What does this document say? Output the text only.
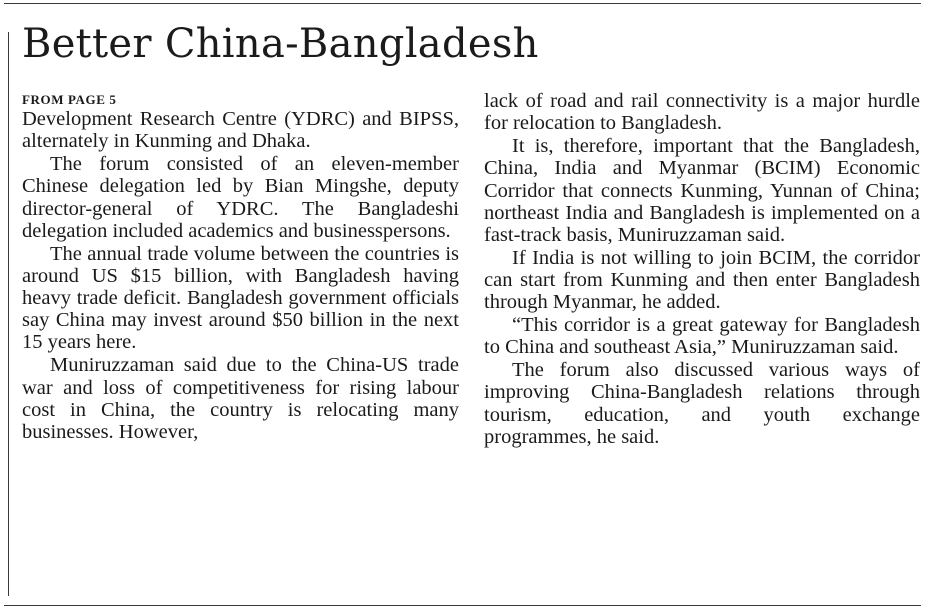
Better China-Bangladesh
FROM PAGE 5

Development Research Centre (YDRC) and BIPSS, alternately in Kunming and Dhaka.

The forum consisted of an eleven-member Chinese delegation led by Bian Mingshe, deputy director-general of YDRC. The Bangladeshi delegation included academics and businesspersons.

The annual trade volume between the countries is around US $15 billion, with Bangladesh having heavy trade deficit. Bangladesh government officials say China may invest around $50 billion in the next 15 years here.

Muniruzzaman said due to the China-US trade war and loss of competitiveness for rising labour cost in China, the country is relocating many businesses. However,

lack of road and rail connectivity is a major hurdle for relocation to Bangladesh.

It is, therefore, important that the Bangladesh, China, India and Myanmar (BCIM) Economic Corridor that connects Kunming, Yunnan of China; northeast India and Bangladesh is implemented on a fast-track basis, Muniruzzaman said.

If India is not willing to join BCIM, the corridor can start from Kunming and then enter Bangladesh through Myanmar, he added.

“This corridor is a great gateway for Bangladesh to China and southeast Asia,” Muniruzzaman said.

The forum also discussed various ways of improving China-Bangladesh relations through tourism, education, and youth exchange programmes, he said.
